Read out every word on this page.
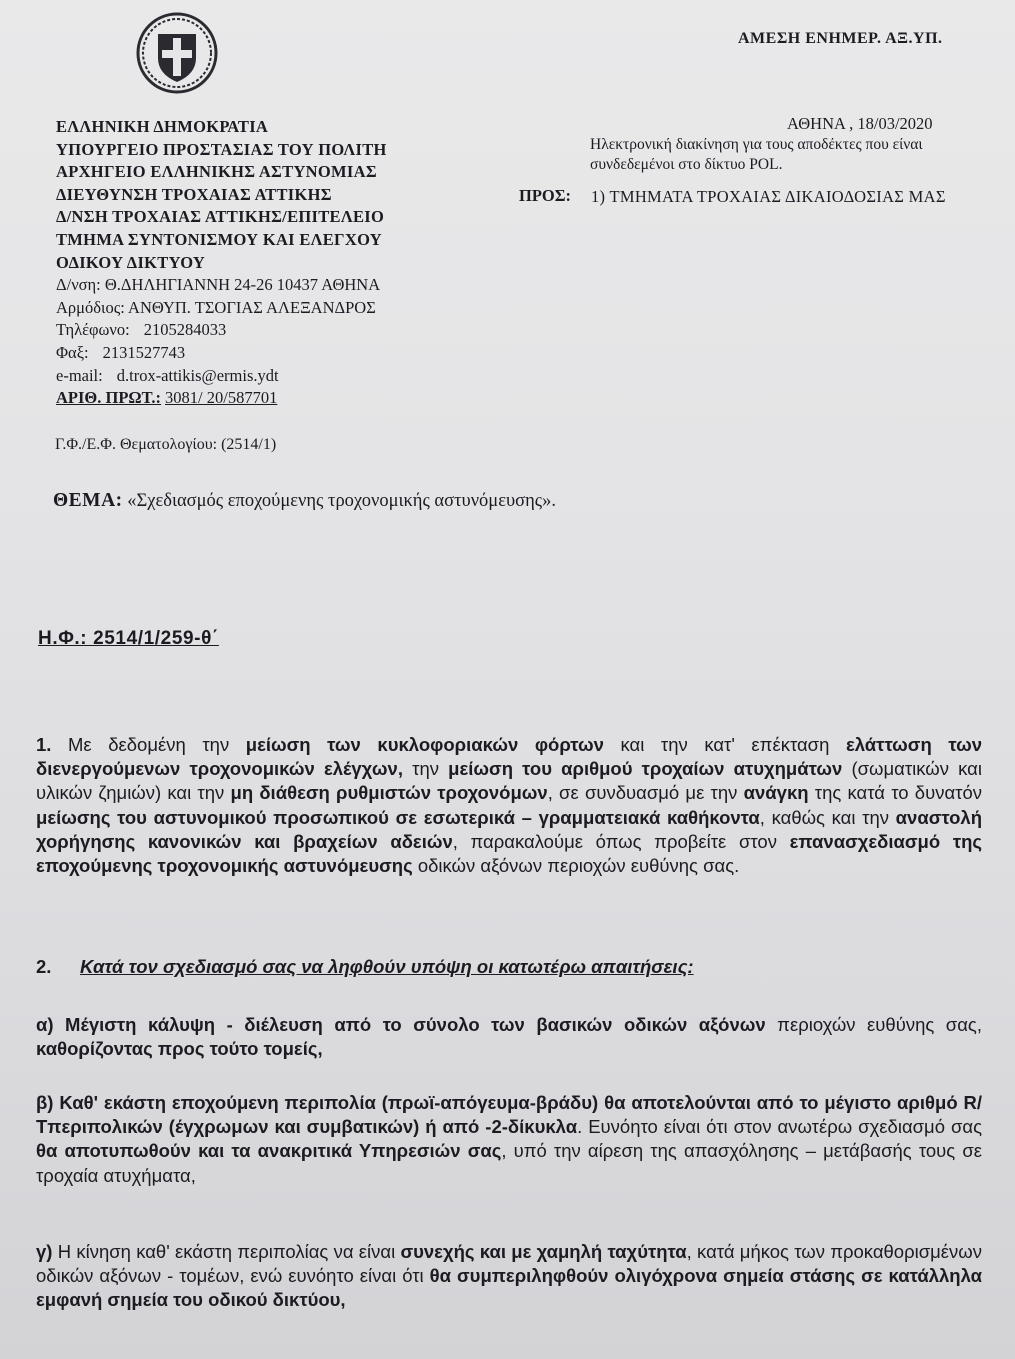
ΑΜΕΣΗ ΕΝΗΜΕΡ. ΑΞ.ΥΠ.
ΕΛΛΗΝΙΚΗ ΔΗΜΟΚΡΑΤΙΑ
ΥΠΟΥΡΓΕΙΟ ΠΡΟΣΤΑΣΙΑΣ ΤΟΥ ΠΟΛΙΤΗ
ΑΡΧΗΓΕΙΟ ΕΛΛΗΝΙΚΗΣ ΑΣΤΥΝΟΜΙΑΣ
ΔΙΕΥΘΥΝΣΗ ΤΡΟΧΑΙΑΣ ΑΤΤΙΚΗΣ
Δ/ΝΣΗ ΤΡΟΧΑΙΑΣ ΑΤΤΙΚΗΣ/ΕΠΙΤΕΛΕΙΟ
ΤΜΗΜΑ ΣΥΝΤΟΝΙΣΜΟΥ ΚΑΙ ΕΛΕΓΧΟΥ
ΟΔΙΚΟΥ ΔΙΚΤΥΟΥ
Δ/νση: Θ.ΔΗΛΗΓΙΑΝΝΗ 24-26 10437 ΑΘΗΝΑ
Αρμόδιος: ΑΝΘΥΠ. ΤΣΟΓΙΑΣ ΑΛΕΞΑΝΔΡΟΣ
Τηλέφωνο: 2105284033
Φαξ: 2131527743
e-mail: d.trox-attikis@ermis.ydt
ΑΡΙΘ. ΠΡΩΤ.: 3081/ 20/587701
ΑΘΗΝΑ , 18/03/2020
Ηλεκτρονική διακίνηση για τους αποδέκτες που είναι συνδεδεμένοι στο δίκτυο POL.
ΠΡΟΣ: 1) ΤΜΗΜΑΤΑ ΤΡΟΧΑΙΑΣ ΔΙΚΑΙΟΔΟΣΙΑΣ ΜΑΣ
Γ.Φ./Ε.Φ. Θεματολογίου: (2514/1)
ΘΕΜΑ: «Σχεδιασμός εποχούμενης τροχονομικής αστυνόμευσης».
Η.Φ.: 2514/1/259-θ΄
1. Με δεδομένη την μείωση των κυκλοφοριακών φόρτων και την κατ' επέκταση ελάττωση των διενεργούμενων τροχονομικών ελέγχων, την μείωση του αριθμού τροχαίων ατυχημάτων (σωματικών και υλικών ζημιών) και την μη διάθεση ρυθμιστών τροχονόμων, σε συνδυασμό με την ανάγκη της κατά το δυνατόν μείωσης του αστυνομικού προσωπικού σε εσωτερικά – γραμματειακά καθήκοντα, καθώς και την αναστολή χορήγησης κανονικών και βραχείων αδειών, παρακαλούμε όπως προβείτε στον επανασχεδιασμό της εποχούμενης τροχονομικής αστυνόμευσης οδικών αξόνων περιοχών ευθύνης σας.
2. Κατά τον σχεδιασμό σας να ληφθούν υπόψη οι κατωτέρω απαιτήσεις:
α) Μέγιστη κάλυψη - διέλευση από το σύνολο των βασικών οδικών αξόνων περιοχών ευθύνης σας, καθορίζοντας προς τούτο τομείς,
β) Καθ' εκάστη εποχούμενη περιπολία (πρωϊ-απόγευμα-βράδυ) θα αποτελούνται από το μέγιστο αριθμό R/Τπεριπολικών (έγχρωμων και συμβατικών) ή από -2-δίκυκλα. Ευνόητο είναι ότι στον ανωτέρω σχεδιασμό σας θα αποτυπωθούν και τα ανακριτικά Υπηρεσιών σας, υπό την αίρεση της απασχόλησης – μετάβασής τους σε τροχαία ατυχήματα,
γ) Η κίνηση καθ' εκάστη περιπολίας να είναι συνεχής και με χαμηλή ταχύτητα, κατά μήκος των προκαθορισμένων οδικών αξόνων - τομέων, ενώ ευνόητο είναι ότι θα συμπεριληφθούν ολιγόχρονα σημεία στάσης σε κατάλληλα εμφανή σημεία του οδικού δικτύου,
